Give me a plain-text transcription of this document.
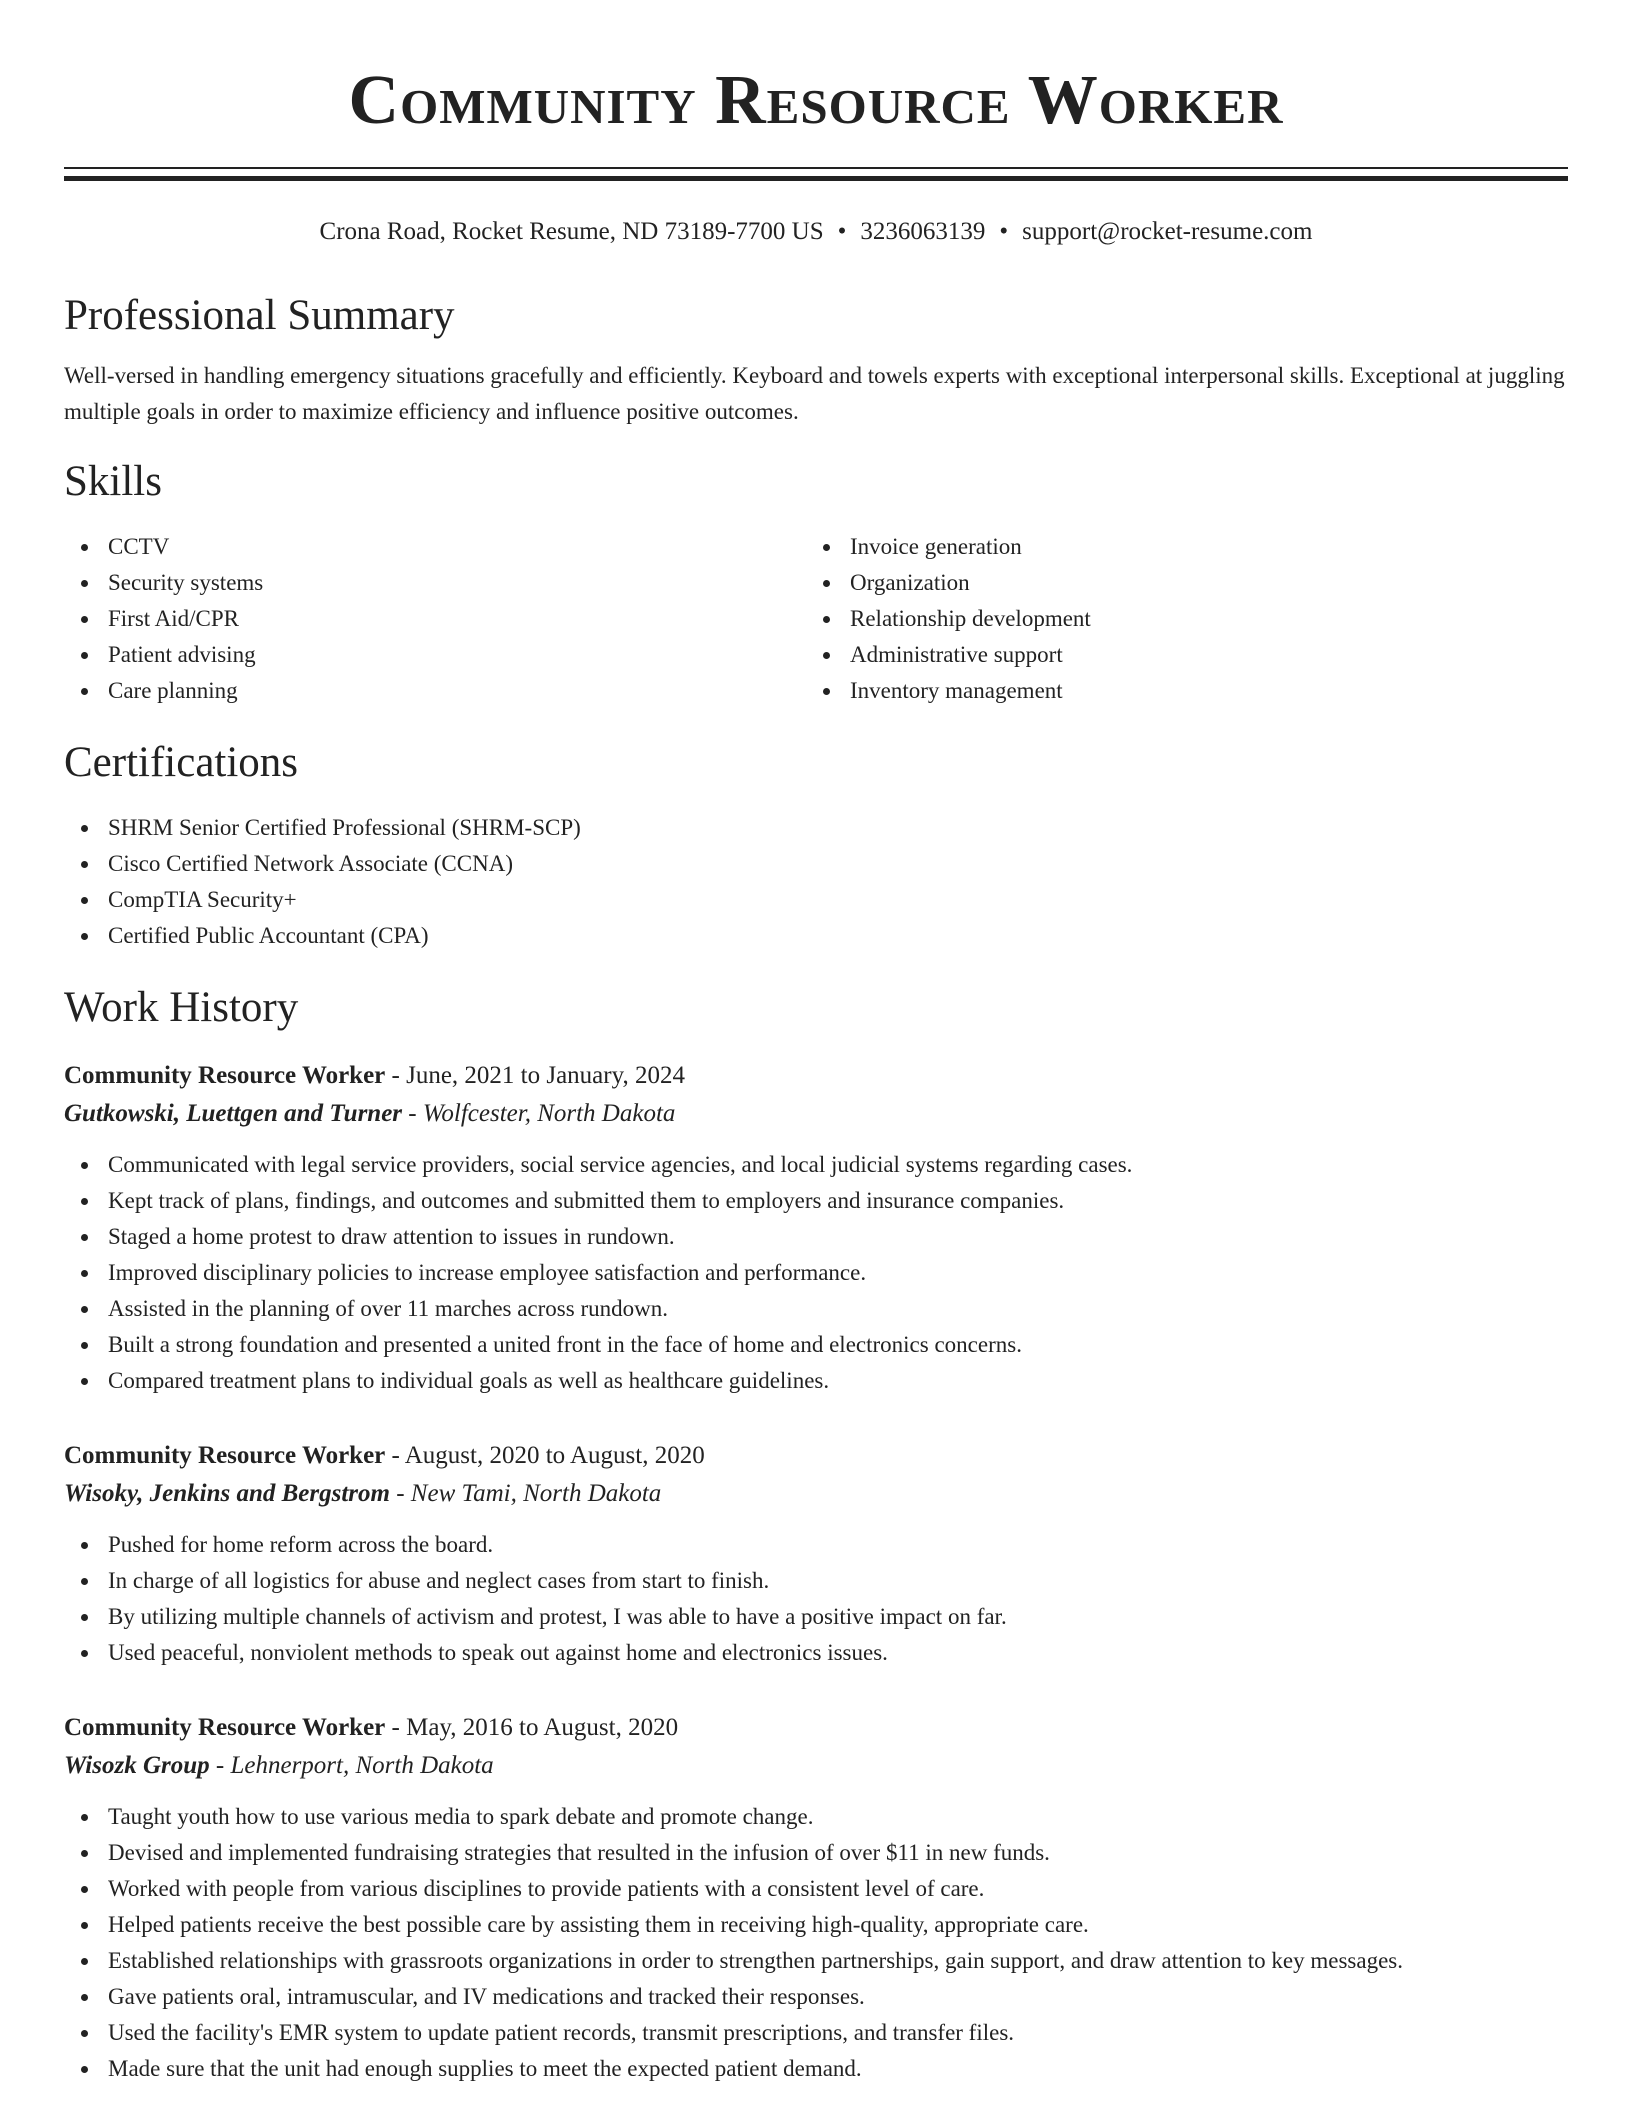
Community Resource Worker
Crona Road, Rocket Resume, ND 73189-7700 US • 3236063139 • support@rocket-resume.com
Professional Summary

Well-versed in handling emergency situations gracefully and efficiently. Keyboard and towels experts with exceptional interpersonal skills. Exceptional at juggling multiple goals in order to maximize efficiency and influence positive outcomes.

Skills
CCTV
Security systems
First Aid/CPR
Patient advising
Care planning
Invoice generation
Organization
Relationship development
Administrative support
Inventory management
Certifications
SHRM Senior Certified Professional (SHRM-SCP)
Cisco Certified Network Associate (CCNA)
CompTIA Security+
Certified Public Accountant (CPA)
Work History
Community Resource Worker - June, 2021 to January, 2024
Gutkowski, Luettgen and Turner - Wolfcester, North Dakota
Communicated with legal service providers, social service agencies, and local judicial systems regarding cases.
Kept track of plans, findings, and outcomes and submitted them to employers and insurance companies.
Staged a home protest to draw attention to issues in rundown.
Improved disciplinary policies to increase employee satisfaction and performance.
Assisted in the planning of over 11 marches across rundown.
Built a strong foundation and presented a united front in the face of home and electronics concerns.
Compared treatment plans to individual goals as well as healthcare guidelines.
Community Resource Worker - August, 2020 to August, 2020
Wisoky, Jenkins and Bergstrom - New Tami, North Dakota
Pushed for home reform across the board.
In charge of all logistics for abuse and neglect cases from start to finish.
By utilizing multiple channels of activism and protest, I was able to have a positive impact on far.
Used peaceful, nonviolent methods to speak out against home and electronics issues.
Community Resource Worker - May, 2016 to August, 2020
Wisozk Group - Lehnerport, North Dakota
Taught youth how to use various media to spark debate and promote change.
Devised and implemented fundraising strategies that resulted in the infusion of over $11 in new funds.
Worked with people from various disciplines to provide patients with a consistent level of care.
Helped patients receive the best possible care by assisting them in receiving high-quality, appropriate care.
Established relationships with grassroots organizations in order to strengthen partnerships, gain support, and draw attention to key messages.
Gave patients oral, intramuscular, and IV medications and tracked their responses.
Used the facility's EMR system to update patient records, transmit prescriptions, and transfer files.
Made sure that the unit had enough supplies to meet the expected patient demand.
